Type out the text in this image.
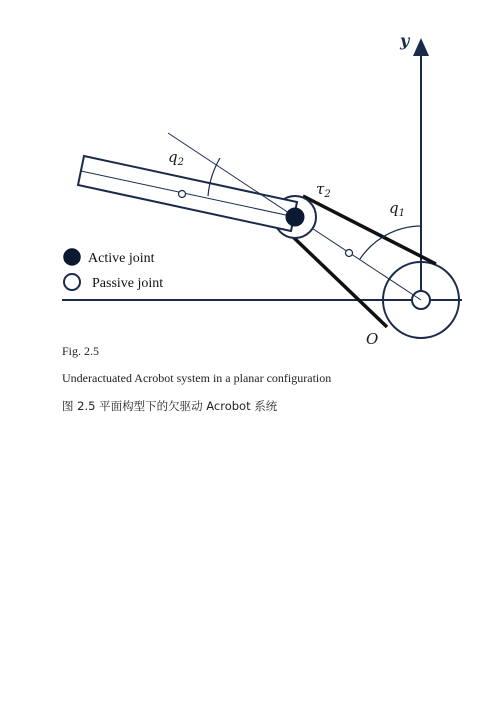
y
O
$q_1$
$q_2$
$\tau_2$
Active joint
Passive joint

Fig. 2.5

Underactuated Acrobot system in a planar configuration

图 2.5 平面构型下的欠驱动 Acrobot 系统
